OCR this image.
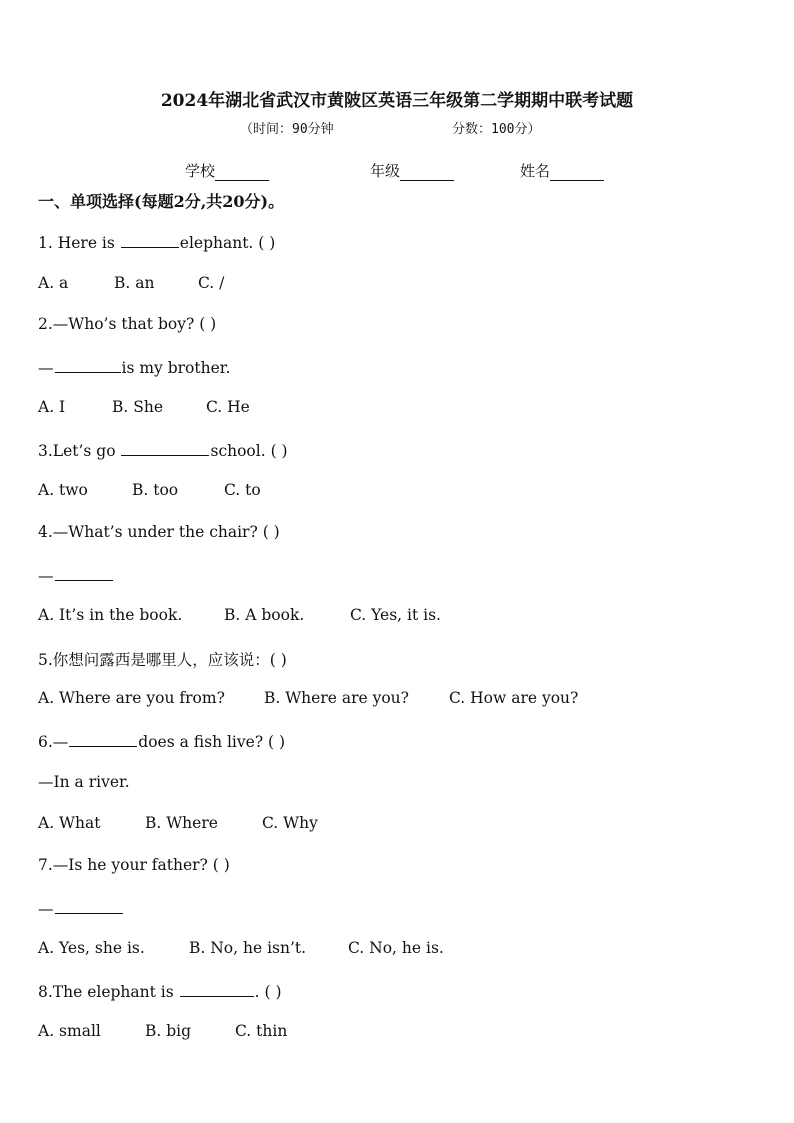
2024年湖北省武汉市黄陂区英语三年级第二学期期中联考试题
（时间：90分钟	分数：100分）
学校	年级	姓名
一、单项选择(每题2分,共20分)。
1. Here is	elephant. ( )
A. a	B. an	C. /
2.—Who’s that boy? ( )
—	is my brother.
A. I	B. She	C. He
3.Let’s go	school. ( )
A. two	B. too	C. to
4.—What’s under the chair? ( )
—
A. It’s in the book.	B. A book.	C. Yes, it is.
5.你想问露西是哪里人，应该说：( )
A. Where are you from?	B. Where are you?	C. How are you?
6.—	does a fish live? ( )
—In a river.
A. What	B. Where	C. Why
7.—Is he your father? ( )
—
A. Yes, she is.	B. No, he isn’t.	C. No, he is.
8.The elephant is	. ( )
A. small	B. big	C. thin
